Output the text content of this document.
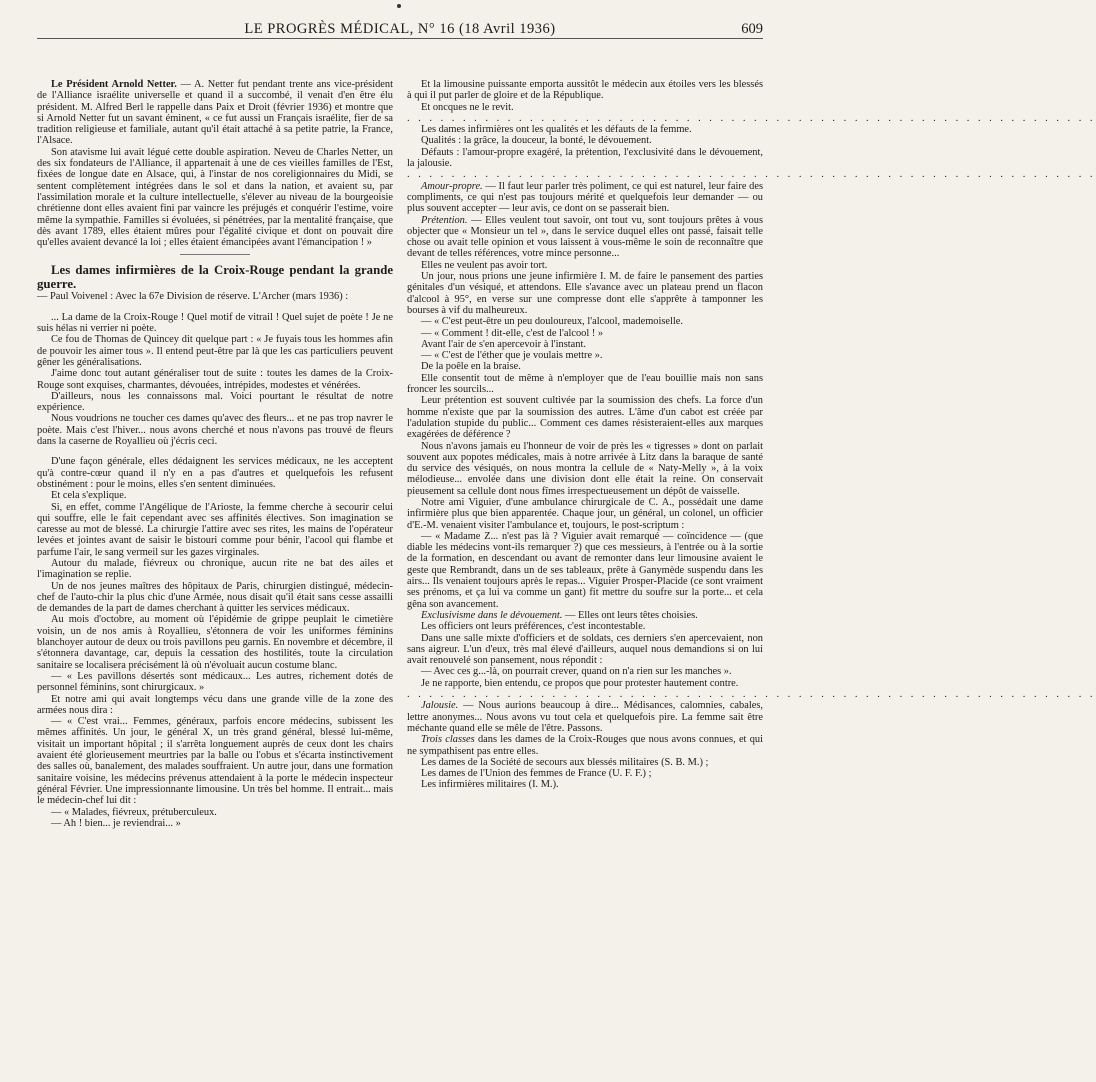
LE PROGRÈS MÉDICAL, N° 16 (18 Avril 1936)	609

Le Président Arnold Netter. — A. Netter fut pendant trente ans vice-président de l'Alliance israélite universelle et quand il a succombé, il venait d'en être élu président. M. Alfred Berl le rappelle dans Paix et Droit (février 1936) et montre que si Arnold Netter fut un savant éminent, « ce fut aussi un Français israélite, fier de sa tradition religieuse et familiale, autant qu'il était attaché à sa petite patrie, la France, l'Alsace.

Son atavisme lui avait légué cette double aspiration. Neveu de Charles Netter, un des six fondateurs de l'Alliance, il appartenait à une de ces vieilles familles de l'Est, fixées de longue date en Alsace, qui, à l'instar de nos coreligionnaires du Midi, se sentent complètement intégrées dans le sol et dans la nation, et avaient su, par l'assimilation morale et la culture intellectuelle, s'élever au niveau de la bourgeoisie chrétienne dont elles avaient fini par vaincre les préjugés et conquérir l'estime, voire même la sympathie. Familles si évoluées, si pénétrées, par la mentalité française, que dès avant 1789, elles étaient mûres pour l'égalité civique et dont on pouvait dire qu'elles avaient devancé la loi ; elles étaient émancipées avant l'émancipation ! »

Les dames infirmières de la Croix-Rouge pendant la grande guerre.

— Paul Voivenel : Avec la 67e Division de réserve. L'Archer (mars 1936) :

... La dame de la Croix-Rouge ! Quel motif de vitrail ! Quel sujet de poète ! Je ne suis hélas ni verrier ni poète.

Ce fou de Thomas de Quincey dit quelque part : « Je fuyais tous les hommes afin de pouvoir les aimer tous ». Il entend peut-être par là que les cas particuliers peuvent gêner les généralisations.

J'aime donc tout autant généraliser tout de suite : toutes les dames de la Croix-Rouge sont exquises, charmantes, dévouées, intrépides, modestes et vénérées.

D'ailleurs, nous les connaissons mal. Voici pourtant le résultat de notre expérience.

Nous voudrions ne toucher ces dames qu'avec des fleurs... et ne pas trop navrer le poète. Mais c'est l'hiver... nous avons cherché et nous n'avons pas trouvé de fleurs dans la caserne de Royallieu où j'écris ceci.

D'une façon générale, elles dédaignent les services médicaux, ne les acceptent qu'à contre-cœur quand il n'y en a pas d'autres et quelquefois les refusent obstinément : pour le moins, elles s'en sentent diminuées.

Et cela s'explique.

Si, en effet, comme l'Angélique de l'Arioste, la femme cherche à secourir celui qui souffre, elle le fait cependant avec ses affinités électives. Son imagination se caresse au mot de blessé. La chirurgie l'attire avec ses rites, les mains de l'opérateur levées et jointes avant de saisir le bistouri comme pour bénir, l'acool qui flambe et parfume l'air, le sang vermeil sur les gazes virginales.

Autour du malade, fiévreux ou chronique, aucun rite ne bat des ailes et l'imagination se replie.

Un de nos jeunes maîtres des hôpitaux de Paris, chirurgien distingué, médecin-chef de l'auto-chir la plus chic d'une Armée, nous disait qu'il était sans cesse assailli de demandes de la part de dames cherchant à quitter les services médicaux.

Au mois d'octobre, au moment où l'épidémie de grippe peuplait le cimetière voisin, un de nos amis à Royallieu, s'étonnera de voir les uniformes féminins blanchoyer autour de deux ou trois pavillons peu garnis. En novembre et décembre, il s'étonnera davantage, car, depuis la cessation des hostilités, toute la circulation sanitaire se localisera précisément là où n'évoluait aucun costume blanc.

— « Les pavillons désertés sont médicaux... Les autres, richement dotés de personnel féminins, sont chirurgicaux. »

Et notre ami qui avait longtemps vécu dans une grande ville de la zone des armées nous dira :

— « C'est vrai... Femmes, généraux, parfois encore médecins, subissent les mêmes affinités. Un jour, le général X, un très grand général, blessé lui-même, visitait un important hôpital ; il s'arrêta longuement auprès de ceux dont les chairs avaient été glorieusement meurtries par la balle ou l'obus et s'écarta instinctivement des salles où, banalement, des malades souffraient. Un autre jour, dans une formation sanitaire voisine, les médecins prévenus attendaient à la porte le médecin inspecteur général Février. Une impressionnante limousine. Un très bel homme. Il entrait... mais le médecin-chef lui dit :

— « Malades, fiévreux, prétuberculeux.

— Ah ! bien... je reviendrai... »

Et la limousine puissante emporta aussitôt le médecin aux étoiles vers les blessés à qui il put parler de gloire et de la République.

Et oncques ne le revit.

. . . . . . . . . . . . . . . . . . . . . . . . . . . . . . . . . . . . . . . . . . . . . . . . . . . . . . . . . . . . . .

Les dames infirmières ont les qualités et les défauts de la femme.

Qualités : la grâce, la douceur, la bonté, le dévouement.

Défauts : l'amour-propre exagéré, la prétention, l'exclusivité dans le dévouement, la jalousie.

. . . . . . . . . . . . . . . . . . . . . . . . . . . . . . . . . . . . . . . . . . . . . . . . . . . . . . . . . . . . . .

Amour-propre. — Il faut leur parler très poliment, ce qui est naturel, leur faire des compliments, ce qui n'est pas toujours mérité et quelquefois leur demander — ou plus souvent accepter — leur avis, ce dont on se passerait bien.

Prétention. — Elles veulent tout savoir, ont tout vu, sont toujours prêtes à vous objecter que « Monsieur un tel », dans le service duquel elles ont passé, faisait telle chose ou avait telle opinion et vous laissent à vous-même le soin de reconnaître que devant de telles références, votre mince personne...

Elles ne veulent pas avoir tort.

Un jour, nous prions une jeune infirmière I. M. de faire le pansement des parties génitales d'un vésiqué, et attendons. Elle s'avance avec un plateau prend un flacon d'alcool à 95°, en verse sur une compresse dont elle s'apprête à tamponner les bourses à vif du malheureux.

— « C'est peut-être un peu douloureux, l'alcool, mademoiselle.

— « Comment ! dit-elle, c'est de l'alcool ! »

Avant l'air de s'en apercevoir à l'instant.

— « C'est de l'éther que je voulais mettre ».

De la poêle en la braise.

Elle consentit tout de même à n'employer que de l'eau bouillie mais non sans froncer les sourcils...

Leur prétention est souvent cultivée par la soumission des chefs. La force d'un homme n'existe que par la soumission des autres. L'âme d'un cabot est créée par l'adulation stupide du public... Comment ces dames résisteraient-elles aux marques exagérées de déférence ?

Nous n'avons jamais eu l'honneur de voir de près les « tigresses » dont on parlait souvent aux popotes médicales, mais à notre arrivée à Litz dans la baraque de santé du service des vésiqués, on nous montra la cellule de « Naty-Melly », à la voix mélodieuse... envolée dans une division dont elle était la reine. On conservait pieusement sa cellule dont nous fîmes irrespectueusement un dépôt de vaisselle.

Notre ami Viguier, d'une ambulance chirurgicale de C. A., possédait une dame infirmière plus que bien apparentée. Chaque jour, un général, un colonel, un officier d'E.-M. venaient visiter l'ambulance et, toujours, le post-scriptum :

— « Madame Z... n'est pas là ? Viguier avait remarqué — coïncidence — (que diable les médecins vont-ils remarquer ?) que ces messieurs, à l'entrée ou à la sortie de la formation, en descendant ou avant de remonter dans leur limousine avaient le geste que Rembrandt, dans un de ses tableaux, prête à Ganymède suspendu dans les airs... Ils venaient toujours après le repas... Viguier Prosper-Placide (ce sont vraiment ses prénoms, et ça lui va comme un gant) fit mettre du soufre sur la porte... et cela gêna son avancement.

Exclusivisme dans le dévouement. — Elles ont leurs têtes choisies.

Les officiers ont leurs préférences, c'est incontestable.

Dans une salle mixte d'officiers et de soldats, ces derniers s'en apercevaient, non sans aigreur. L'un d'eux, très mal élevé d'ailleurs, auquel nous demandions si on lui avait renouvelé son pansement, nous répondit :

— Avec ces g...-là, on pourrait crever, quand on n'a rien sur les manches ».

Je ne rapporte, bien entendu, ce propos que pour protester hautement contre.

. . . . . . . . . . . . . . . . . . . . . . . . . . . . . . . . . . . . . . . . . . . . . . . . . . . . . . . . . . . . . .

Jalousie. — Nous aurions beaucoup à dire... Médisances, calomnies, cabales, lettre anonymes... Nous avons vu tout cela et quelquefois pire. La femme sait être méchante quand elle se mêle de l'être. Passons.

Trois classes dans les dames de la Croix-Rouges que nous avons connues, et qui ne sympathisent pas entre elles.

Les dames de la Société de secours aux blessés militaires (S. B. M.) ;

Les dames de l'Union des femmes de France (U. F. F.) ;

Les infirmières militaires (I. M.).
